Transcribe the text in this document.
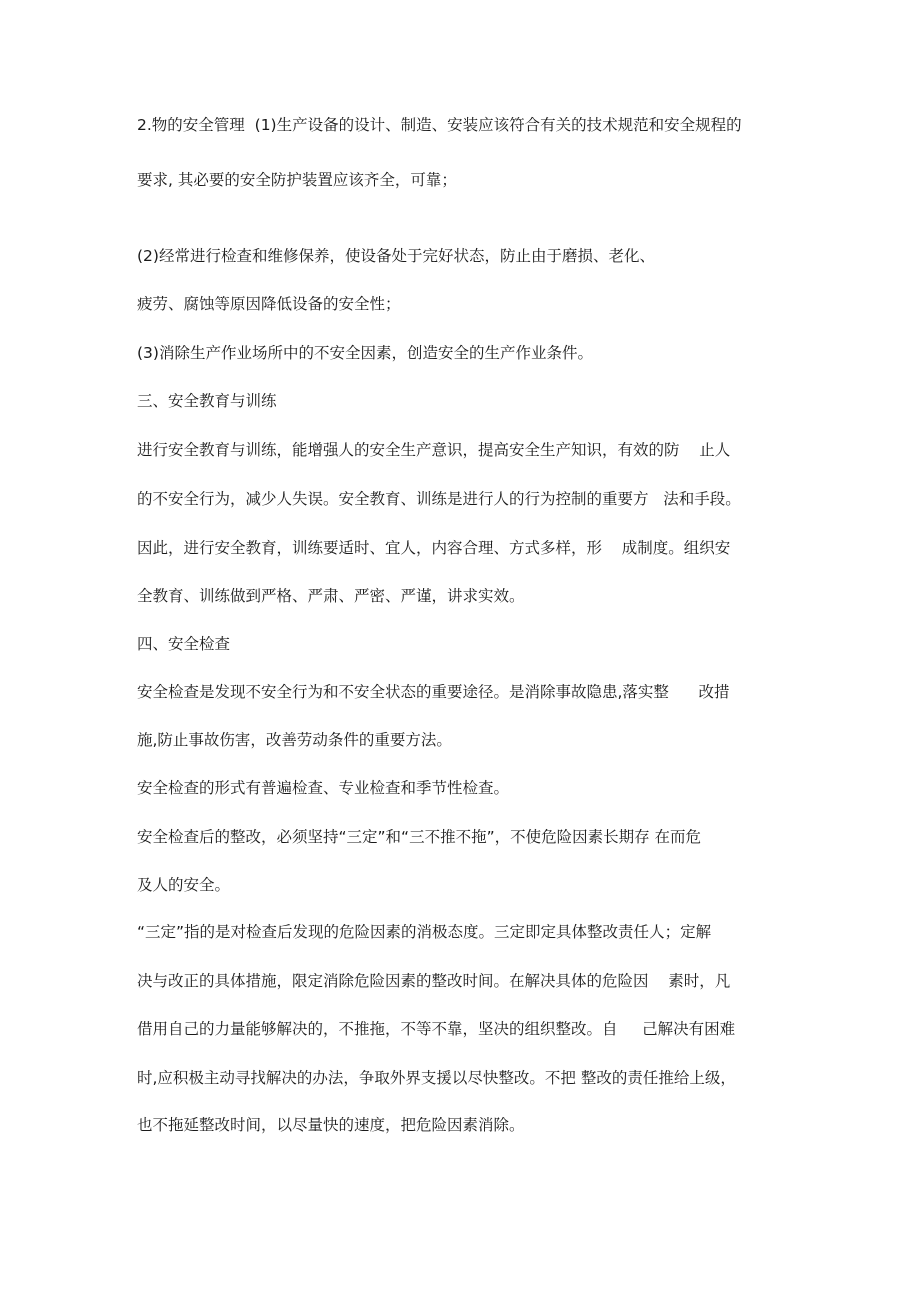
2.物的安全管理  (1)生产设备的设计、制造、安装应该符合有关的技术规范和安全规程的
要求, 其必要的安全防护装置应该齐全，可靠；
(2)经常进行检查和维修保养，使设备处于完好状态，防止由于磨损、老化、
疲劳、腐蚀等原因降低设备的安全性；
(3)消除生产作业场所中的不安全因素，创造安全的生产作业条件。
三、安全教育与训练
进行安全教育与训练，能增强人的安全生产意识，提高安全生产知识，有效的防    止人
的不安全行为，减少人失误。安全教育、训练是进行人的行为控制的重要方   法和手段。
因此，进行安全教育，训练要适时、宜人，内容合理、方式多样，形    成制度。组织安
全教育、训练做到严格、严肃、严密、严谨，讲求实效。
四、安全检查
安全检查是发现不安全行为和不安全状态的重要途径。是消除事故隐患,落实整      改措
施,防止事故伤害，改善劳动条件的重要方法。
安全检查的形式有普遍检查、专业检查和季节性检查。
安全检查后的整改，必须坚持“三定”和“三不推不拖”，不使危险因素长期存 在而危
及人的安全。
“三定”指的是对检查后发现的危险因素的消极态度。三定即定具体整改责任人；定解
决与改正的具体措施，限定消除危险因素的整改时间。在解决具体的危险因    素时，凡
借用自己的力量能够解决的，不推拖，不等不靠，坚决的组织整改。自     己解决有困难
时,应积极主动寻找解决的办法，争取外界支援以尽快整改。不把 整改的责任推给上级，
也不拖延整改时间，以尽量快的速度，把危险因素消除。
